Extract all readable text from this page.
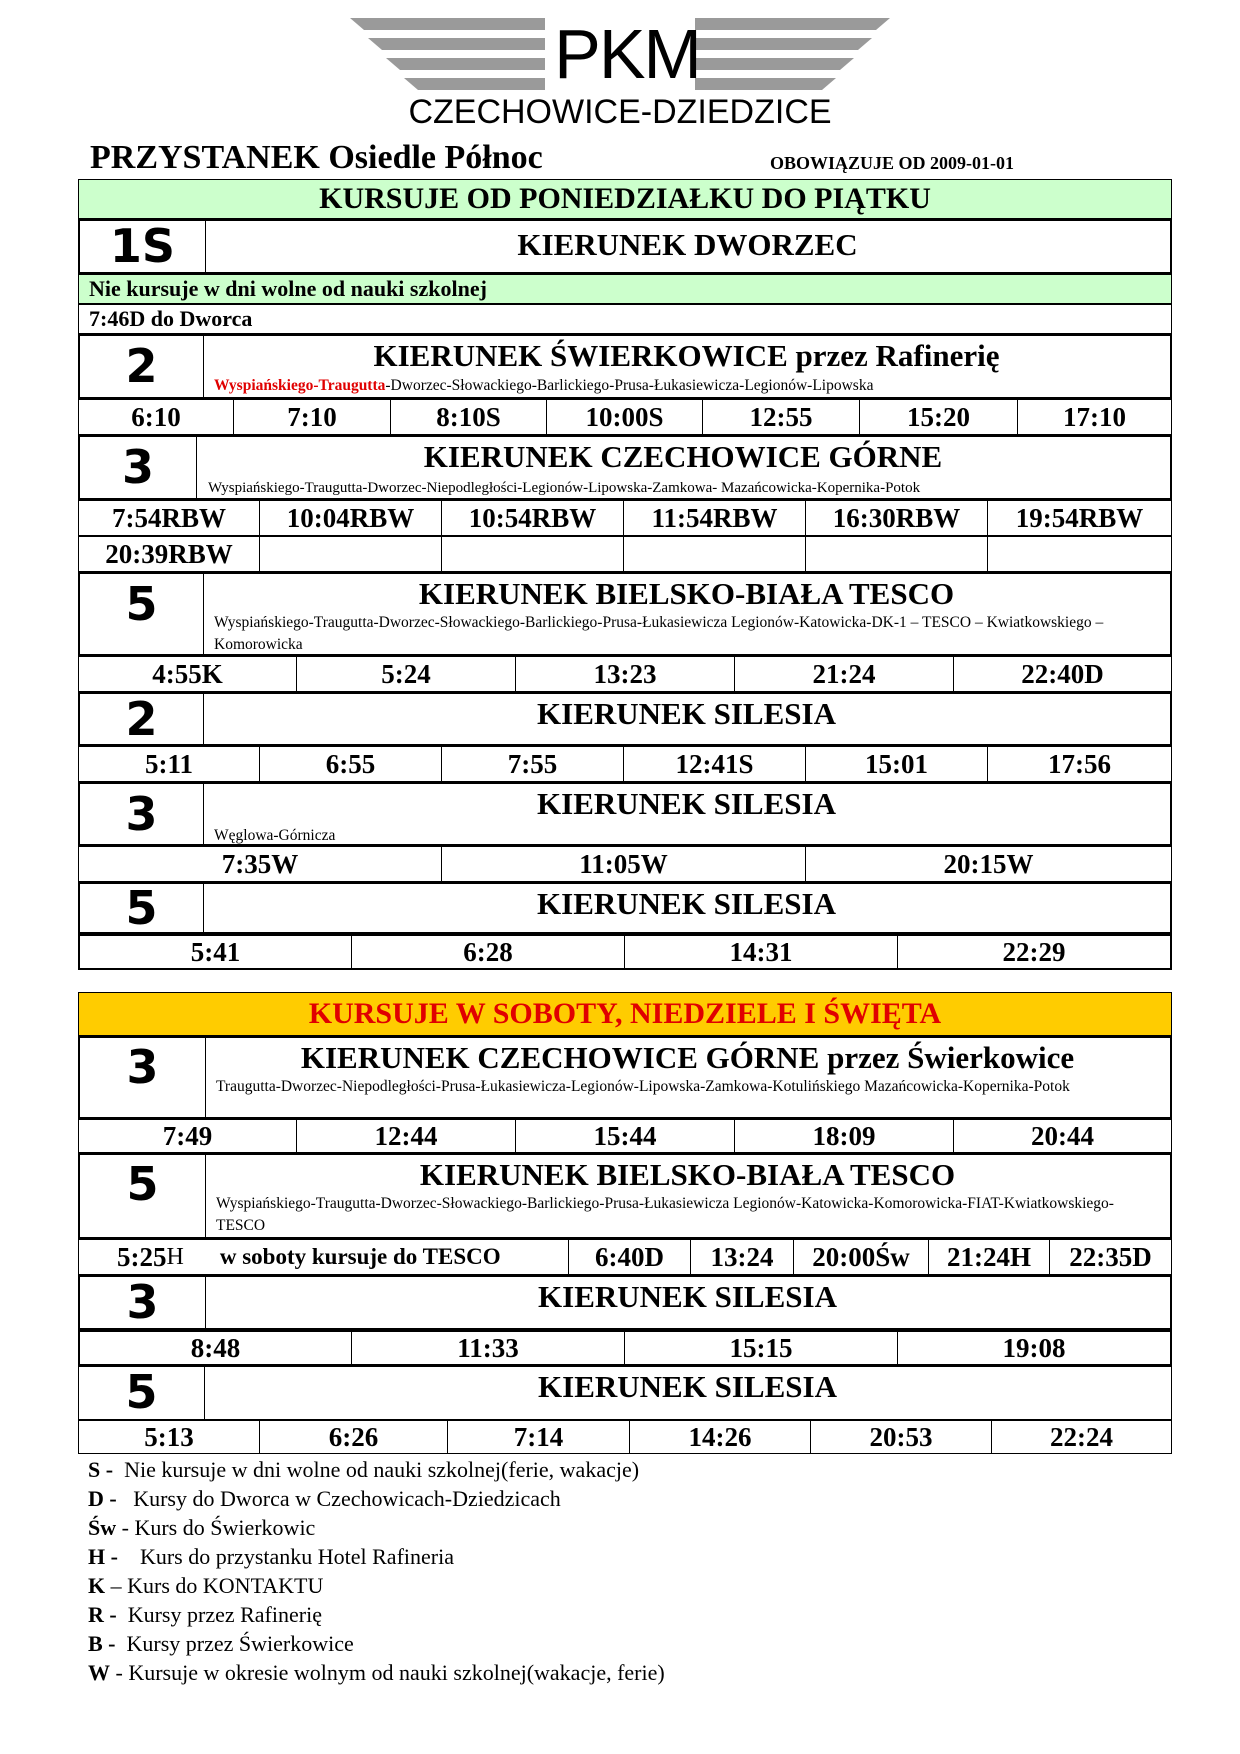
PKM
CZECHOWICE-DZIEDZICE
PRZYSTANEK Osiedle Północ	OBOWIĄZUJE OD 2009-01-01
KURSUJE OD PONIEDZIAŁKU DO PIĄTKU
1S	KIERUNEK DWORZEC
Nie kursuje w dni wolne od nauki szkolnej
7:46D do Dworca
2	KIERUNEK ŚWIERKOWICE przez Rafinerię
Wyspiańskiego-Traugutta-Dworzec-Słowackiego-Barlickiego-Prusa-Łukasiewicza-Legionów-Lipowska
6:10	7:10	8:10S	10:00S	12:55	15:20	17:10
3	KIERUNEK CZECHOWICE GÓRNE
Wyspiańskiego-Traugutta-Dworzec-Niepodległości-Legionów-Lipowska-Zamkowa- Mazańcowicka-Kopernika-Potok
7:54RBW	10:04RBW	10:54RBW	11:54RBW	16:30RBW	19:54RBW
20:39RBW
5	KIERUNEK BIELSKO-BIAŁA TESCO
Wyspiańskiego-Traugutta-Dworzec-Słowackiego-Barlickiego-Prusa-Łukasiewicza Legionów-Katowicka-DK-1 – TESCO – Kwiatkowskiego – Komorowicka
4:55K	5:24	13:23	21:24	22:40D
2	KIERUNEK SILESIA
5:11	6:55	7:55	12:41S	15:01	17:56
3	KIERUNEK SILESIA
Węglowa-Górnicza
7:35W	11:05W	20:15W
5	KIERUNEK SILESIA
5:41	6:28	14:31	22:29
KURSUJE W SOBOTY, NIEDZIELE I ŚWIĘTA
3	KIERUNEK CZECHOWICE GÓRNE przez Świerkowice
Traugutta-Dworzec-Niepodległości-Prusa-Łukasiewicza-Legionów-Lipowska-Zamkowa-Kotulińskiego Mazańcowicka-Kopernika-Potok
7:49	12:44	15:44	18:09	20:44
5	KIERUNEK BIELSKO-BIAŁA TESCO
Wyspiańskiego-Traugutta-Dworzec-Słowackiego-Barlickiego-Prusa-Łukasiewicza Legionów-Katowicka-Komorowicka-FIAT-Kwiatkowskiego-TESCO
5:25 H w soboty kursuje do TESCO	6:40D	13:24	20:00Św	21:24H	22:35D
3	KIERUNEK SILESIA
8:48	11:33	15:15	19:08
5	KIERUNEK SILESIA
5:13	6:26	7:14	14:26	20:53	22:24
S -  Nie kursuje w dni wolne od nauki szkolnej(ferie, wakacje)
D -   Kursy do Dworca w Czechowicach-Dziedzicach
Św - Kurs do Świerkowic
H -    Kurs do przystanku Hotel Rafineria
K – Kurs do KONTAKTU
R -  Kursy przez Rafinerię
B -  Kursy przez Świerkowice
W - Kursuje w okresie wolnym od nauki szkolnej(wakacje, ferie)
